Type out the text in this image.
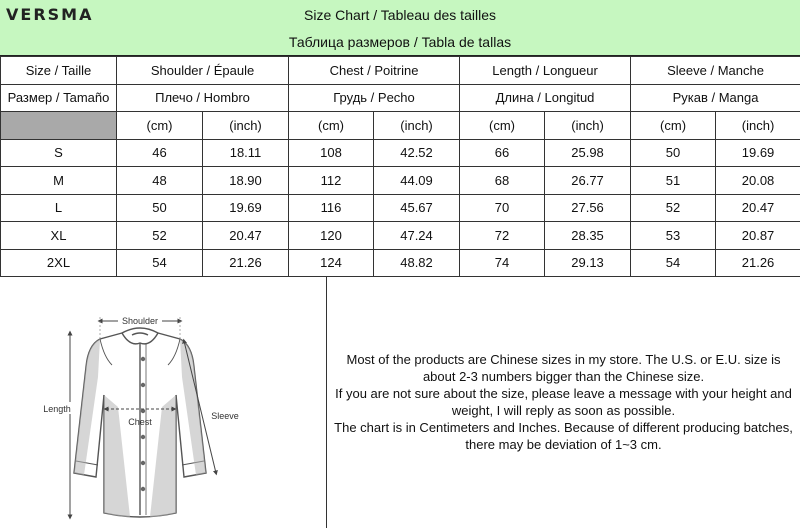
VERSMA	Size Chart / Tableau des tailles
Таблица размеров / Tabla de tallas
Size / Taille	Shoulder / Épaule		Chest / Poitrine		Length / Longueur		Sleeve / Manche	
Размер / Tamaño	Плечо / Hombro		Грудь / Pecho		Длина / Longitud		Рукав / Manga	
	(cm)	(inch)	(cm)	(inch)	(cm)	(inch)	(cm)	(inch)
S	46	18.11	108	42.52	66	25.98	50	19.69
M	48	18.90	112	44.09	68	26.77	51	20.08
L	50	19.69	116	45.67	70	27.56	52	20.47
XL	52	20.47	120	47.24	72	28.35	53	20.87
2XL	54	21.26	124	48.82	74	29.13	54	21.26
Shoulder
Length
Chest
Sleeve

Most of the products are Chinese sizes in my store. The U.S. or E.U. size is

about 2-3 numbers bigger than the Chinese size.

If you are not sure about the size, please leave a message with your height and

weight, I will reply as soon as possible.

The chart is in Centimeters and Inches. Because of different producing batches,

there may be deviation of 1~3 cm.
